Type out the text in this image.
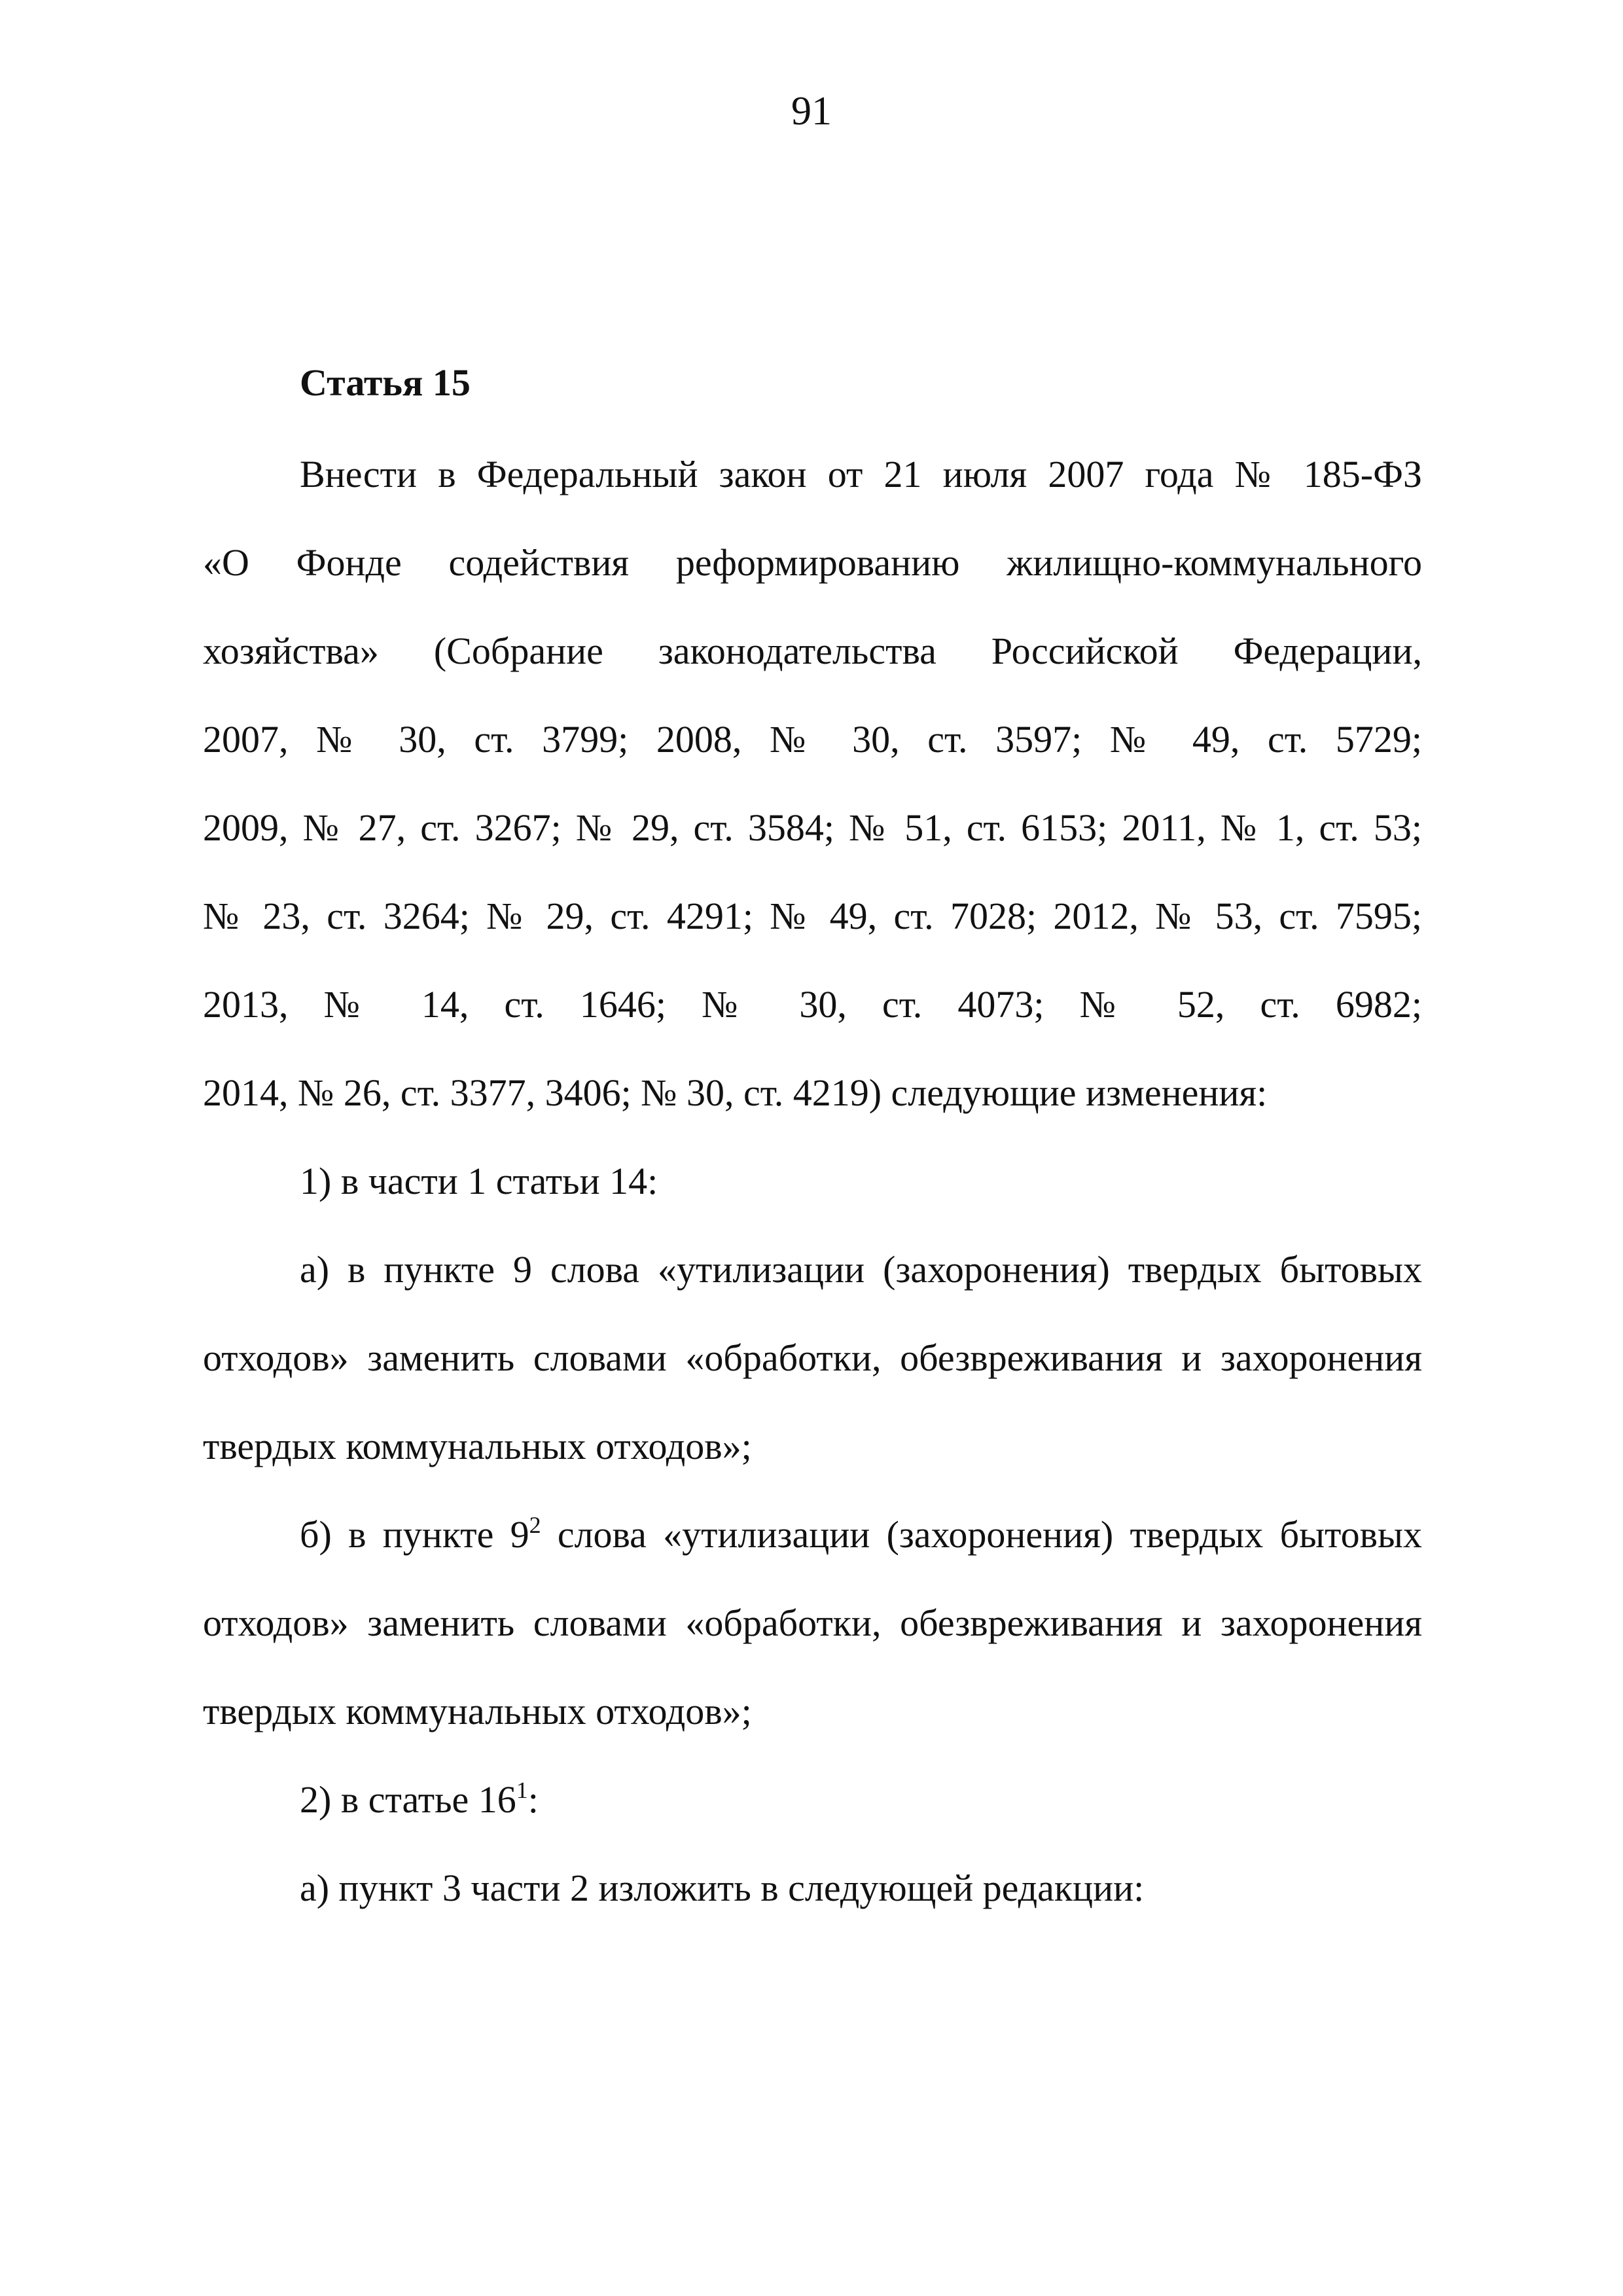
91
Статья 15
Внести в Федеральный закон от 21 июля 2007 года № 185-ФЗ
«О Фонде содействия реформированию жилищно-коммунального
хозяйства» (Собрание законодательства Российской Федерации,
2007, № 30, ст. 3799; 2008, № 30, ст. 3597; № 49, ст. 5729;
2009, № 27, ст. 3267; № 29, ст. 3584; № 51, ст. 6153; 2011, № 1, ст. 53;
№ 23, ст. 3264; № 29, ст. 4291; № 49, ст. 7028; 2012, № 53, ст. 7595;
2013, № 14, ст. 1646; № 30, ст. 4073; № 52, ст. 6982;
2014, № 26, ст. 3377, 3406; № 30, ст. 4219) следующие изменения:
1) в части 1 статьи 14:
а) в пункте 9 слова «утилизации (захоронения) твердых бытовых
отходов» заменить словами «обработки, обезвреживания и захоронения
твердых коммунальных отходов»;
б) в пункте $9^2$ слова «утилизации (захоронения) твердых бытовых
отходов» заменить словами «обработки, обезвреживания и захоронения
твердых коммунальных отходов»;
2) в статье $16^1$:
а) пункт 3 части 2 изложить в следующей редакции:
